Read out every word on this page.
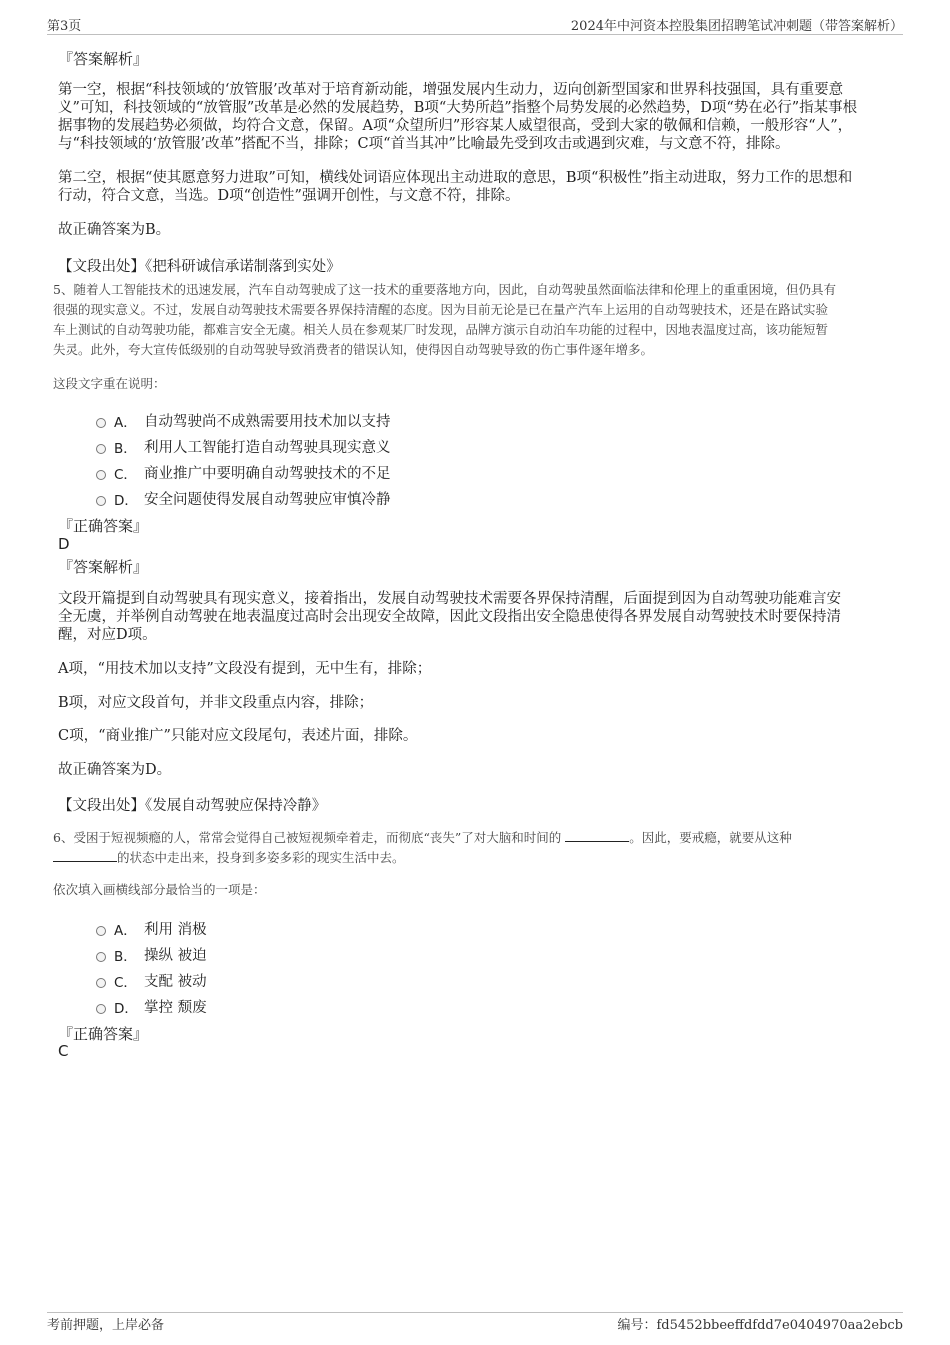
第3页	2024年中河资本控股集团招聘笔试冲刺题（带答案解析）
『答案解析』
第一空，根据“科技领域的‘放管服’改革对于培育新动能，增强发展内生动力，迈向创新型国家和世界科技强国，具有重要意
义”可知，科技领域的“放管服”改革是必然的发展趋势，B项“大势所趋”指整个局势发展的必然趋势，D项“势在必行”指某事根
据事物的发展趋势必须做，均符合文意，保留。A项“众望所归”形容某人威望很高，受到大家的敬佩和信赖，一般形容“人”，
与“科技领域的‘放管服’改革”搭配不当，排除；C项“首当其冲”比喻最先受到攻击或遇到灾难，与文意不符，排除。
第二空，根据“使其愿意努力进取”可知，横线处词语应体现出主动进取的意思，B项“积极性”指主动进取，努力工作的思想和
行动，符合文意，当选。D项“创造性”强调开创性，与文意不符，排除。
故正确答案为B。
【文段出处】《把科研诚信承诺制落到实处》
5、随着人工智能技术的迅速发展，汽车自动驾驶成了这一技术的重要落地方向，因此，自动驾驶虽然面临法律和伦理上的重重困境，但仍具有
很强的现实意义。不过，发展自动驾驶技术需要各界保持清醒的态度。因为目前无论是已在量产汽车上运用的自动驾驶技术，还是在路试实验
车上测试的自动驾驶功能，都难言安全无虞。相关人员在参观某厂时发现，品牌方演示自动泊车功能的过程中，因地表温度过高，该功能短暂
失灵。此外，夸大宣传低级别的自动驾驶导致消费者的错误认知，使得因自动驾驶导致的伤亡事件逐年增多。
这段文字重在说明：
A． 自动驾驶尚不成熟需要用技术加以支持
B． 利用人工智能打造自动驾驶具现实意义
C． 商业推广中要明确自动驾驶技术的不足
D． 安全问题使得发展自动驾驶应审慎冷静
『正确答案』
D
『答案解析』
文段开篇提到自动驾驶具有现实意义，接着指出，发展自动驾驶技术需要各界保持清醒，后面提到因为自动驾驶功能难言安
全无虞，并举例自动驾驶在地表温度过高时会出现安全故障，因此文段指出安全隐患使得各界发展自动驾驶技术时要保持清
醒，对应D项。
A项，“用技术加以支持”文段没有提到，无中生有，排除；
B项，对应文段首句，并非文段重点内容，排除；
C项，“商业推广”只能对应文段尾句，表述片面，排除。
故正确答案为D。
【文段出处】《发展自动驾驶应保持冷静》
6、受困于短视频瘾的人，常常会觉得自己被短视频牵着走，而彻底“丧失”了对大脑和时间的	。因此，要戒瘾，就要从这种
的状态中走出来，投身到多姿多彩的现实生活中去。
依次填入画横线部分最恰当的一项是：
A． 利用 消极
B． 操纵 被迫
C． 支配 被动
D． 掌控 颓废
『正确答案』
C
考前押题，上岸必备	编号：fd5452bbeeffdfdd7e0404970aa2ebcb
